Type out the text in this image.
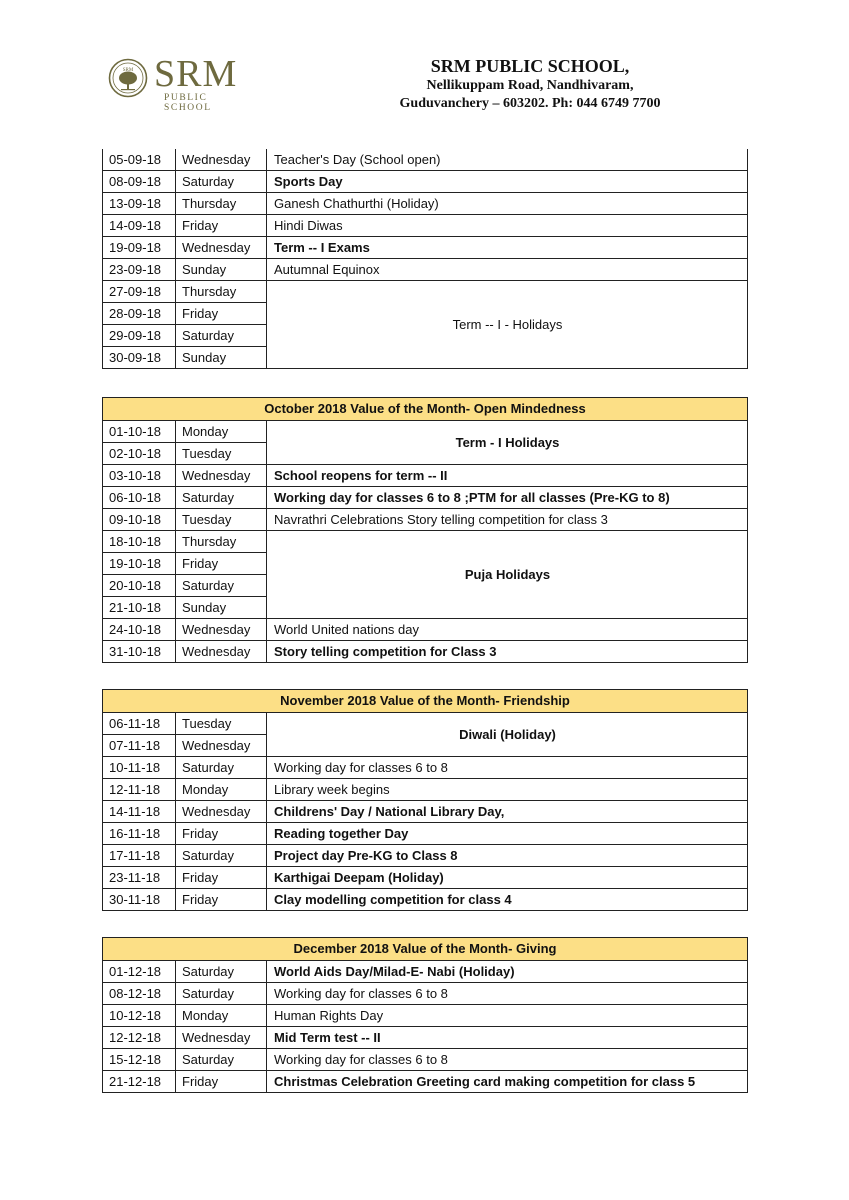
SRM SRM
PUBLIC SCHOOL
SRM PUBLIC SCHOOL,
Nellikuppam Road, Nandhivaram,
Guduvanchery – 603202. Ph: 044 6749 7700
05-09-18	Wednesday	Teacher's Day (School open)
08-09-18	Saturday	Sports Day
13-09-18	Thursday	Ganesh Chathurthi (Holiday)
14-09-18	Friday	Hindi Diwas
19-09-18	Wednesday	Term -- I Exams
23-09-18	Sunday	Autumnal Equinox
27-09-18	Thursday	Term -- I - Holidays
28-09-18	Friday	
29-09-18	Saturday	
30-09-18	Sunday	
October 2018 Value of the Month- Open Mindedness		
01-10-18	Monday	Term - I Holidays
02-10-18	Tuesday	
03-10-18	Wednesday	School reopens for term -- II
06-10-18	Saturday	Working day for classes 6 to 8 ;PTM for all classes (Pre-KG to 8)
09-10-18	Tuesday	Navrathri Celebrations Story telling competition for class 3
18-10-18	Thursday	Puja Holidays
19-10-18	Friday	
20-10-18	Saturday	
21-10-18	Sunday	
24-10-18	Wednesday	World United nations day
31-10-18	Wednesday	Story telling competition for Class 3
November 2018 Value of the Month- Friendship		
06-11-18	Tuesday	Diwali (Holiday)
07-11-18	Wednesday	
10-11-18	Saturday	Working day for classes 6 to 8
12-11-18	Monday	Library week begins
14-11-18	Wednesday	Childrens' Day / National Library Day,
16-11-18	Friday	Reading together Day
17-11-18	Saturday	Project day Pre-KG to Class 8
23-11-18	Friday	Karthigai Deepam (Holiday)
30-11-18	Friday	Clay modelling competition for class 4
December 2018 Value of the Month- Giving		
01-12-18	Saturday	World Aids Day/Milad-E- Nabi (Holiday)
08-12-18	Saturday	Working day for classes 6 to 8
10-12-18	Monday	Human Rights Day
12-12-18	Wednesday	Mid Term test -- II
15-12-18	Saturday	Working day for classes 6 to 8
21-12-18	Friday	Christmas Celebration Greeting card making competition for class 5
